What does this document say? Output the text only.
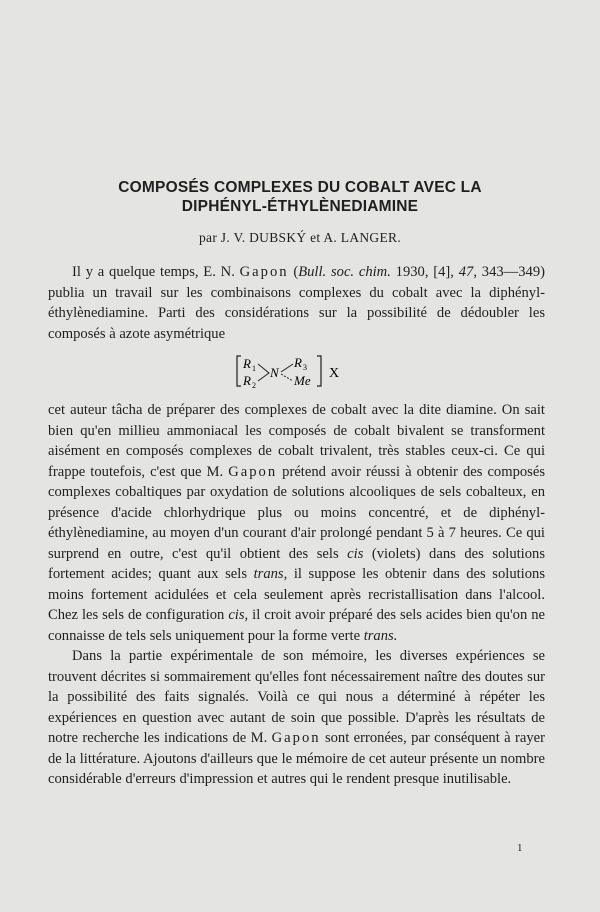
COMPOSÉS COMPLEXES DU COBALT AVEC LA
DIPHÉNYL-ÉTHYLÈNEDIAMINE
par J. V. DUBSKÝ et A. LANGER.

Il y a quelque temps, E. N. Gapon (Bull. soc. chim. 1930, [4], 47, 343—349) publia un travail sur les combinaisons complexes du cobalt avec la diphényl-éthylènediamine. Parti des considérations sur la possibilité de dédoubler les composés à azote asymétrique

R 1
R 2
N
R 3
Me X

cet auteur tâcha de préparer des complexes de cobalt avec la dite diamine. On sait bien qu'en millieu ammoniacal les composés de cobalt bivalent se transforment aisément en composés complexes de cobalt trivalent, très stables ceux-ci. Ce qui frappe toutefois, c'est que M. Gapon prétend avoir réussi à obtenir des composés complexes cobaltiques par oxydation de solutions alcooliques de sels cobalteux, en présence d'acide chlorhydrique plus ou moins concentré, et de diphényl-éthylènediamine, au moyen d'un courant d'air prolongé pendant 5 à 7 heures. Ce qui surprend en outre, c'est qu'il obtient des sels cis (violets) dans des solutions fortement acides; quant aux sels trans, il suppose les obtenir dans des solutions moins fortement acidulées et cela seulement après recristallisation dans l'alcool. Chez les sels de configuration cis, il croit avoir préparé des sels acides bien qu'on ne connaisse de tels sels uniquement pour la forme verte trans.

Dans la partie expérimentale de son mémoire, les diverses expériences se trouvent décrites si sommairement qu'elles font nécessairement naître des doutes sur la possibilité des faits signalés. Voilà ce qui nous a déterminé à répéter les expériences en question avec autant de soin que possible. D'après les résultats de notre recherche les indications de M. Gapon sont erronées, par conséquent à rayer de la littérature. Ajoutons d'ailleurs que le mémoire de cet auteur présente un nombre considérable d'erreurs d'impression et autres qui le rendent presque inutilisable.

1
